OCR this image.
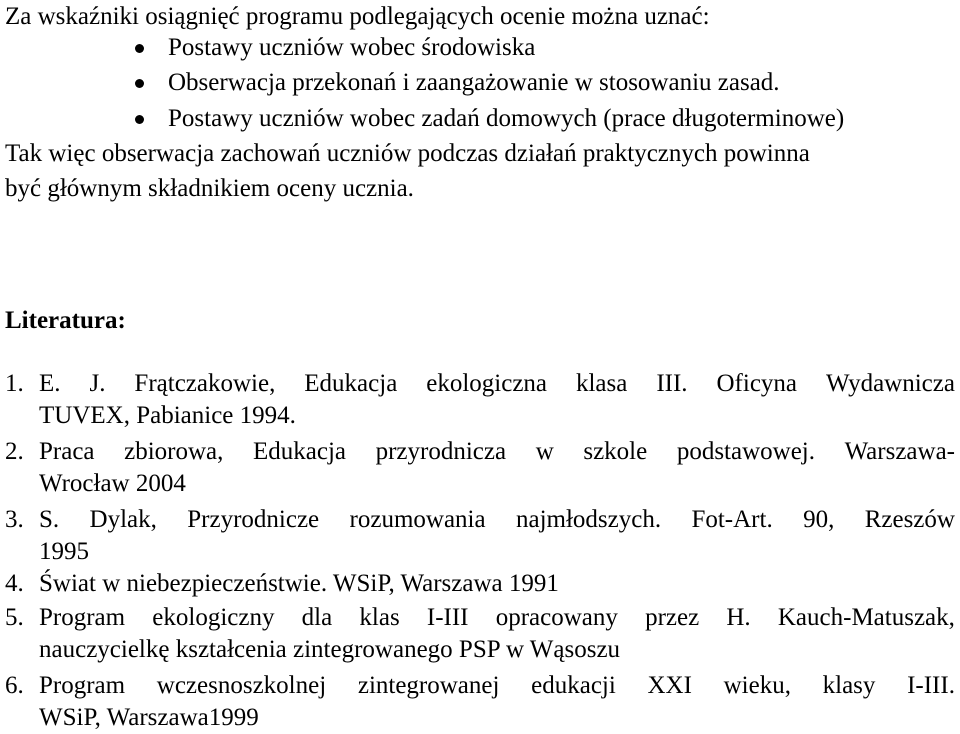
Za wskaźniki osiągnięć programu podlegających ocenie można uznać:
Postawy uczniów wobec środowiska
Obserwacja przekonań i zaangażowanie w stosowaniu zasad.
Postawy uczniów wobec zadań domowych (prace długoterminowe)
Tak więc obserwacja zachowań uczniów podczas działań praktycznych powinna
być głównym składnikiem oceny ucznia.
Literatura:
1. E. J. Frątczakowie, Edukacja ekologiczna klasa III. Oficyna Wydawnicza
TUVEX, Pabianice 1994.
2. Praca zbiorowa, Edukacja przyrodnicza w szkole podstawowej. Warszawa-
Wrocław 2004
3. S. Dylak, Przyrodnicze rozumowania najmłodszych. Fot-Art. 90, Rzeszów
1995
4. Świat w niebezpieczeństwie. WSiP, Warszawa 1991
5. Program ekologiczny dla klas I-III opracowany przez H. Kauch-Matuszak,
nauczycielkę kształcenia zintegrowanego PSP w Wąsoszu
6. Program wczesnoszkolnej zintegrowanej edukacji XXI wieku, klasy I-III.
WSiP, Warszawa1999
